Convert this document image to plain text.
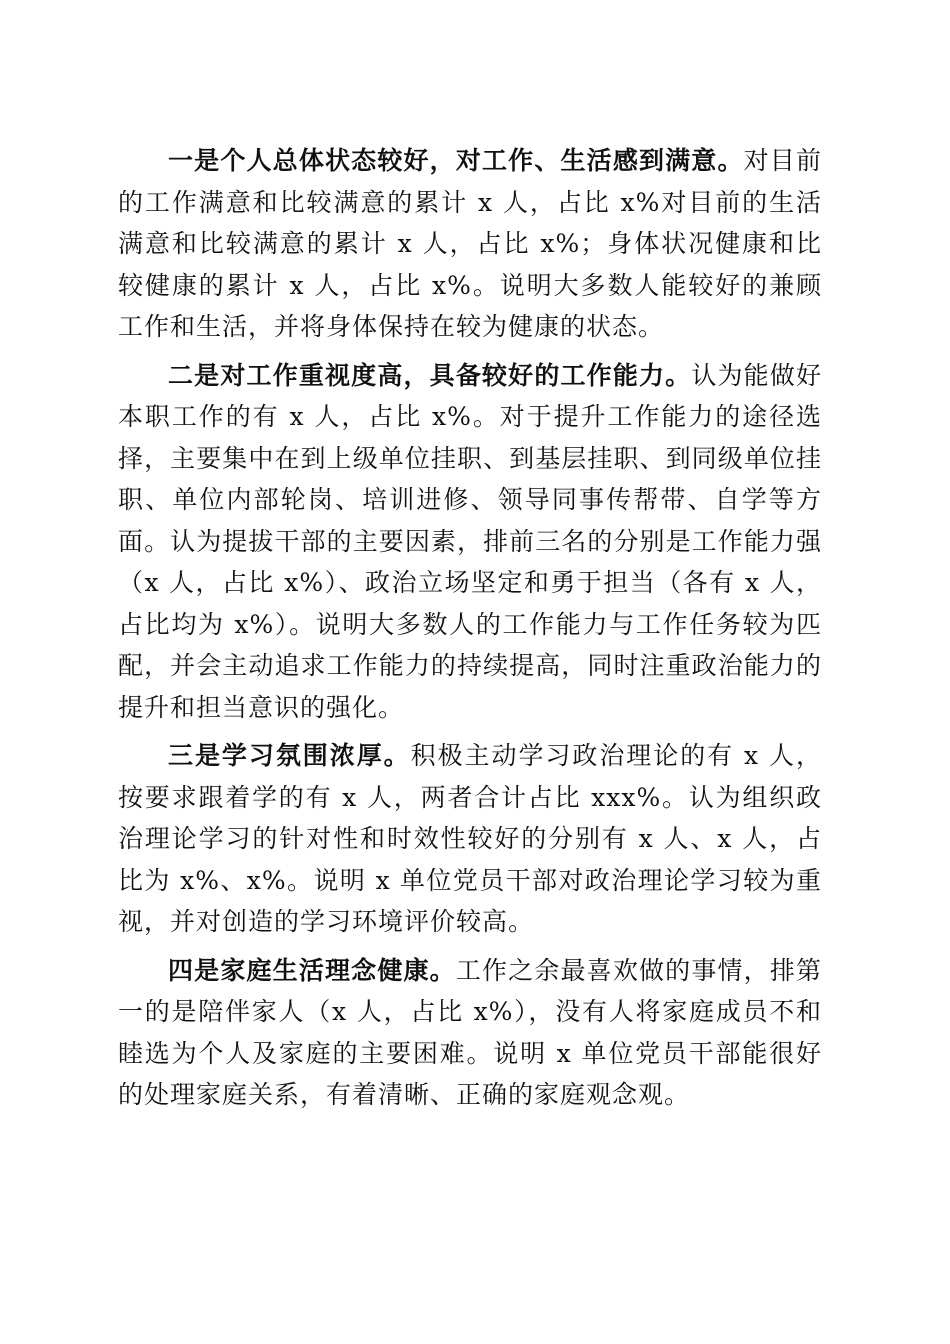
一是个人总体状态较好，对工作、生活感到满意。对目前的工作满意和比较满意的累计 x 人，占比 x%对目前的生活满意和比较满意的累计 x 人，占比 x%；身体状况健康和比较健康的累计 x 人，占比 x%。说明大多数人能较好的兼顾工作和生活，并将身体保持在较为健康的状态。

二是对工作重视度高，具备较好的工作能力。认为能做好本职工作的有 x 人，占比 x%。对于提升工作能力的途径选择，主要集中在到上级单位挂职、到基层挂职、到同级单位挂职、单位内部轮岗、培训进修、领导同事传帮带、自学等方面。认为提拔干部的主要因素，排前三名的分别是工作能力强（x 人，占比 x%）、政治立场坚定和勇于担当（各有 x 人，占比均为 x%）。说明大多数人的工作能力与工作任务较为匹配，并会主动追求工作能力的持续提高，同时注重政治能力的提升和担当意识的强化。

三是学习氛围浓厚。积极主动学习政治理论的有 x 人，按要求跟着学的有 x 人，两者合计占比 xxx%。认为组织政治理论学习的针对性和时效性较好的分别有 x 人、x 人，占比为 x%、x%。说明 x 单位党员干部对政治理论学习较为重视，并对创造的学习环境评价较高。

四是家庭生活理念健康。工作之余最喜欢做的事情，排第一的是陪伴家人（x 人，占比 x%），没有人将家庭成员不和睦选为个人及家庭的主要困难。说明 x 单位党员干部能很好的处理家庭关系，有着清晰、正确的家庭观念观。
